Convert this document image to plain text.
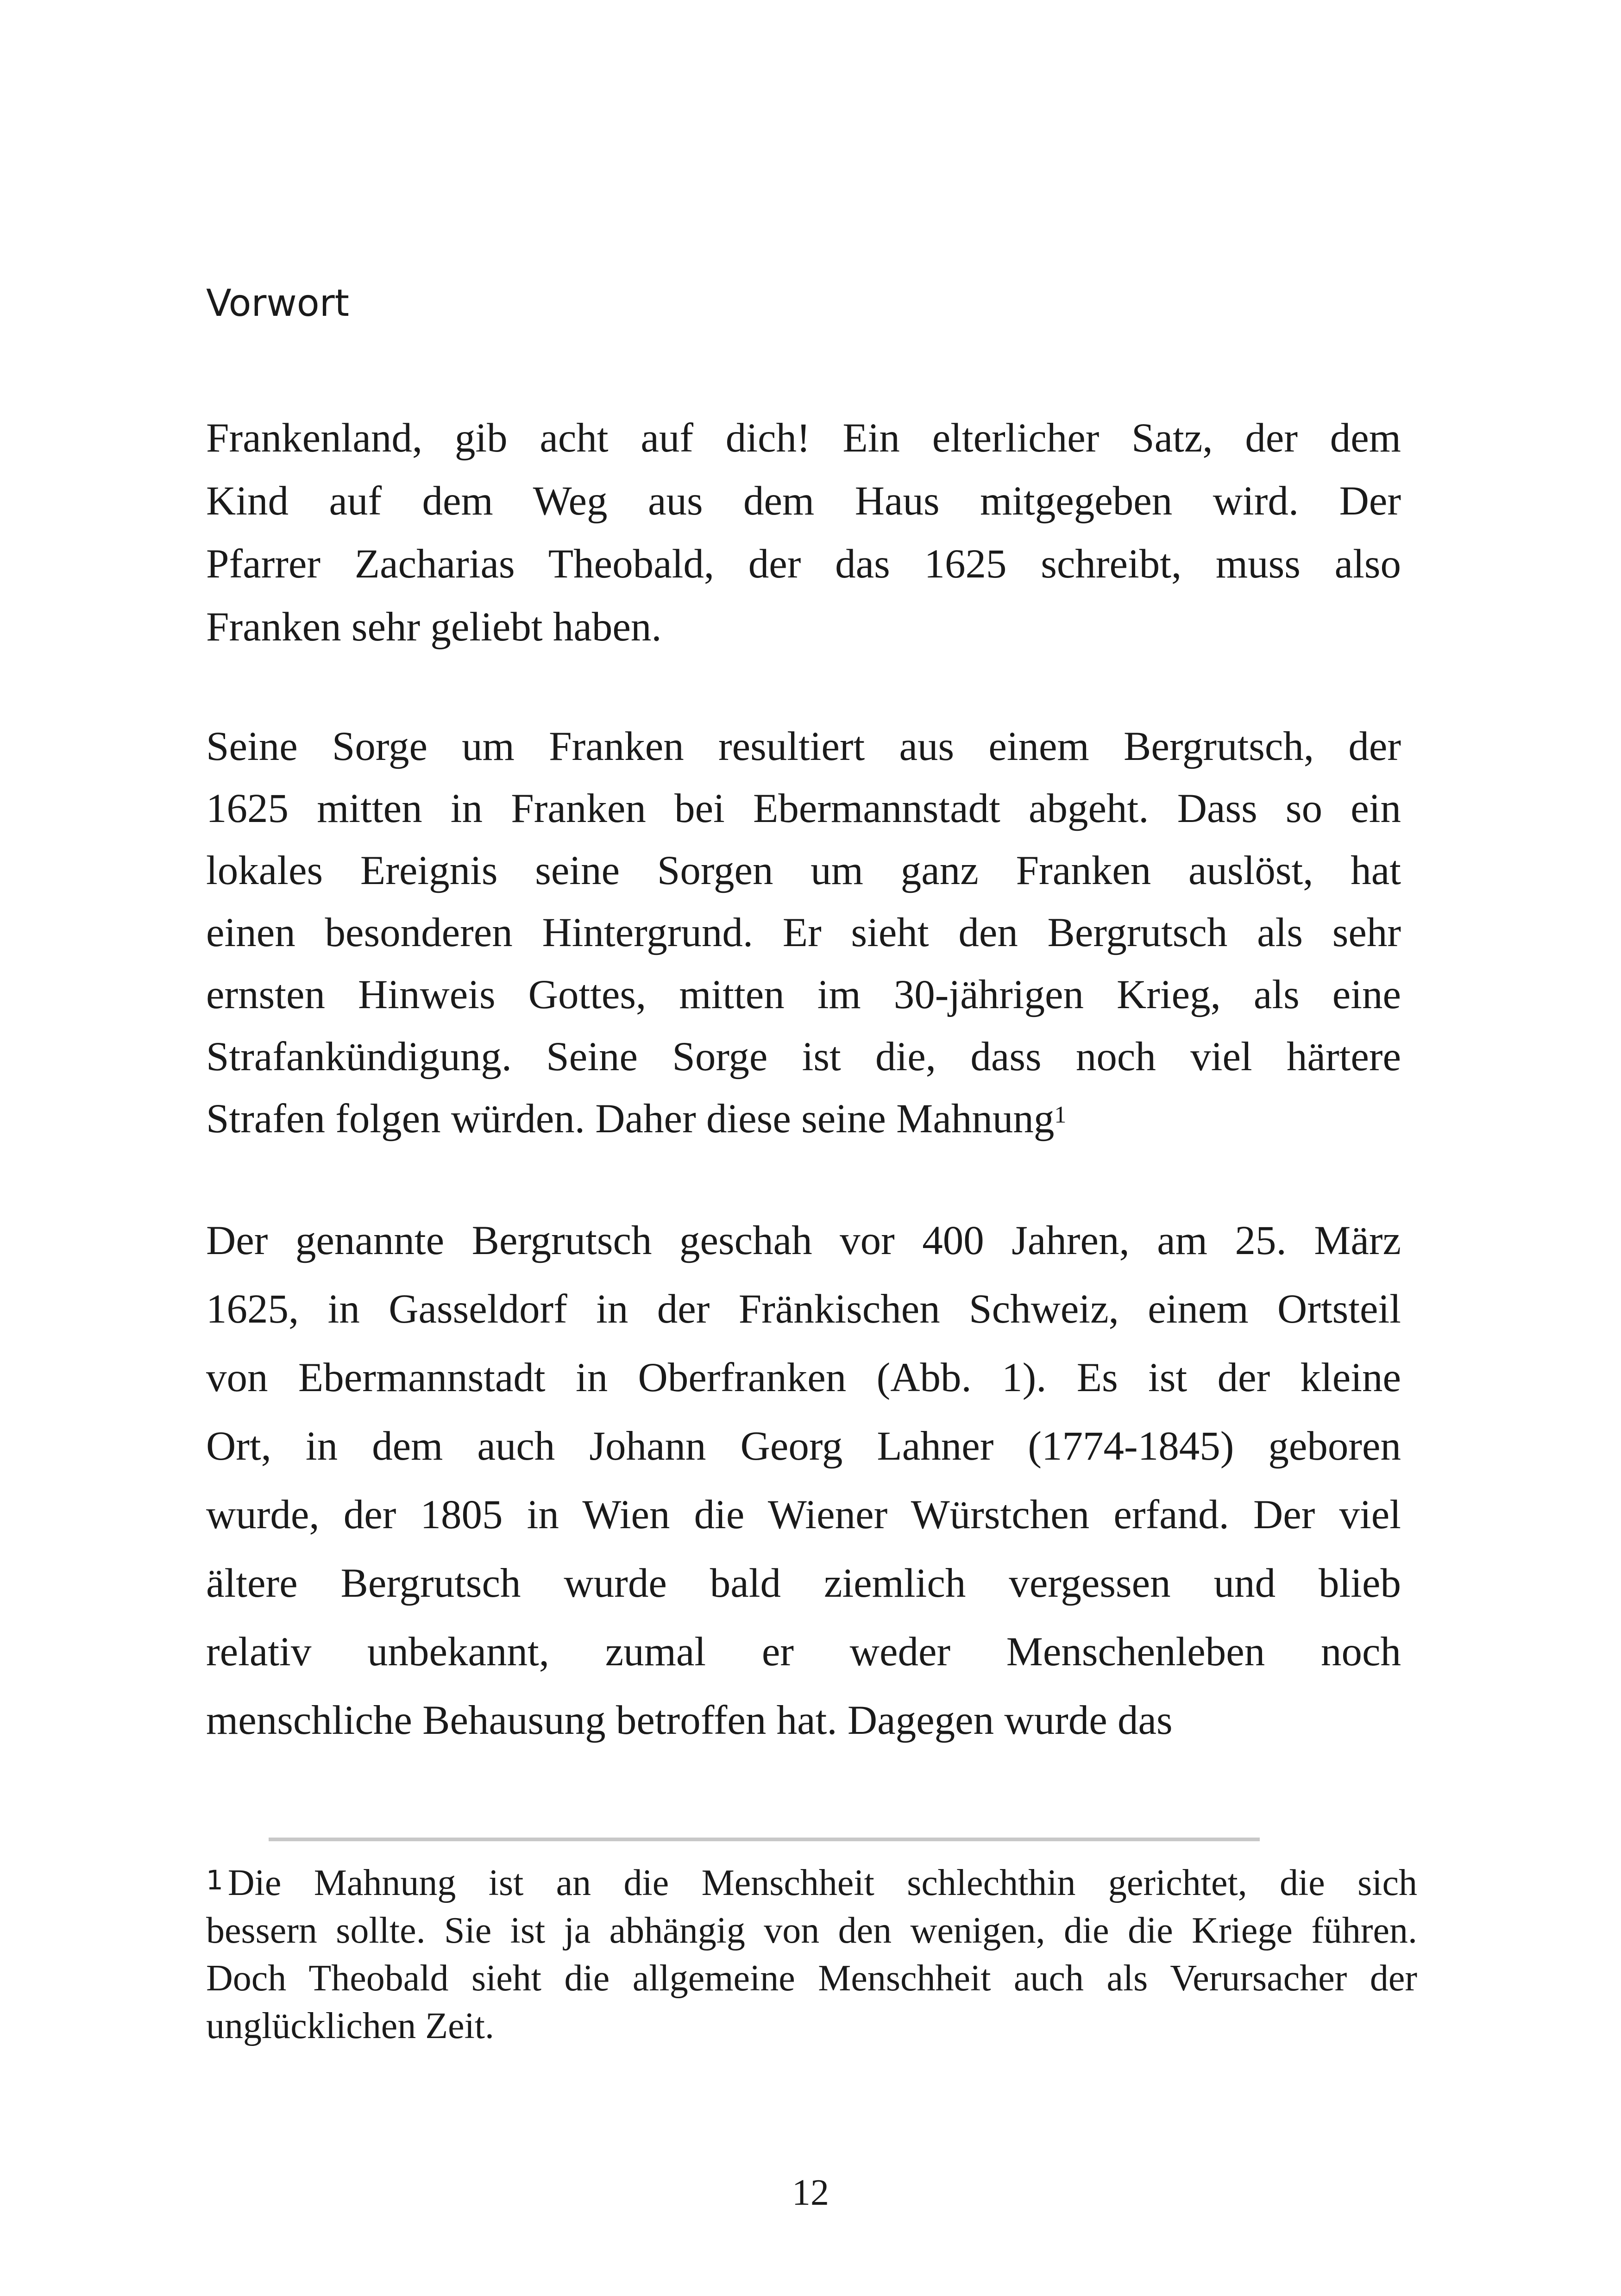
Vorwort

Frankenland, gib acht auf dich! Ein elterlicher Satz, der dem
Kind auf dem Weg aus dem Haus mitgegeben wird. Der
Pfarrer Zacharias Theobald, der das 1625 schreibt, muss also
Franken sehr geliebt haben.

Seine Sorge um Franken resultiert aus einem Bergrutsch, der
1625 mitten in Franken bei Ebermannstadt abgeht. Dass so ein
lokales Ereignis seine Sorgen um ganz Franken auslöst, hat
einen besonderen Hintergrund. Er sieht den Bergrutsch als sehr
ernsten Hinweis Gottes, mitten im 30-jährigen Krieg, als eine
Strafankündigung. Seine Sorge ist die, dass noch viel härtere
Strafen folgen würden. Daher diese seine Mahnung$^1$

Der genannte Bergrutsch geschah vor 400 Jahren, am 25. März
1625, in Gasseldorf in der Fränkischen Schweiz, einem Ortsteil
von Ebermannstadt in Oberfranken (Abb. 1). Es ist der kleine
Ort, in dem auch Johann Georg Lahner (1774-1845) geboren
wurde, der 1805 in Wien die Wiener Würstchen erfand. Der viel
ältere Bergrutsch wurde bald ziemlich vergessen und blieb
relativ unbekannt, zumal er weder Menschenleben noch
menschliche Behausung betroffen hat. Dagegen wurde das

$^1$ Die Mahnung ist an die Menschheit schlechthin gerichtet, die sich
bessern sollte. Sie ist ja abhängig von den wenigen, die die Kriege führen.
Doch Theobald sieht die allgemeine Menschheit auch als Verursacher der
unglücklichen Zeit.
12
